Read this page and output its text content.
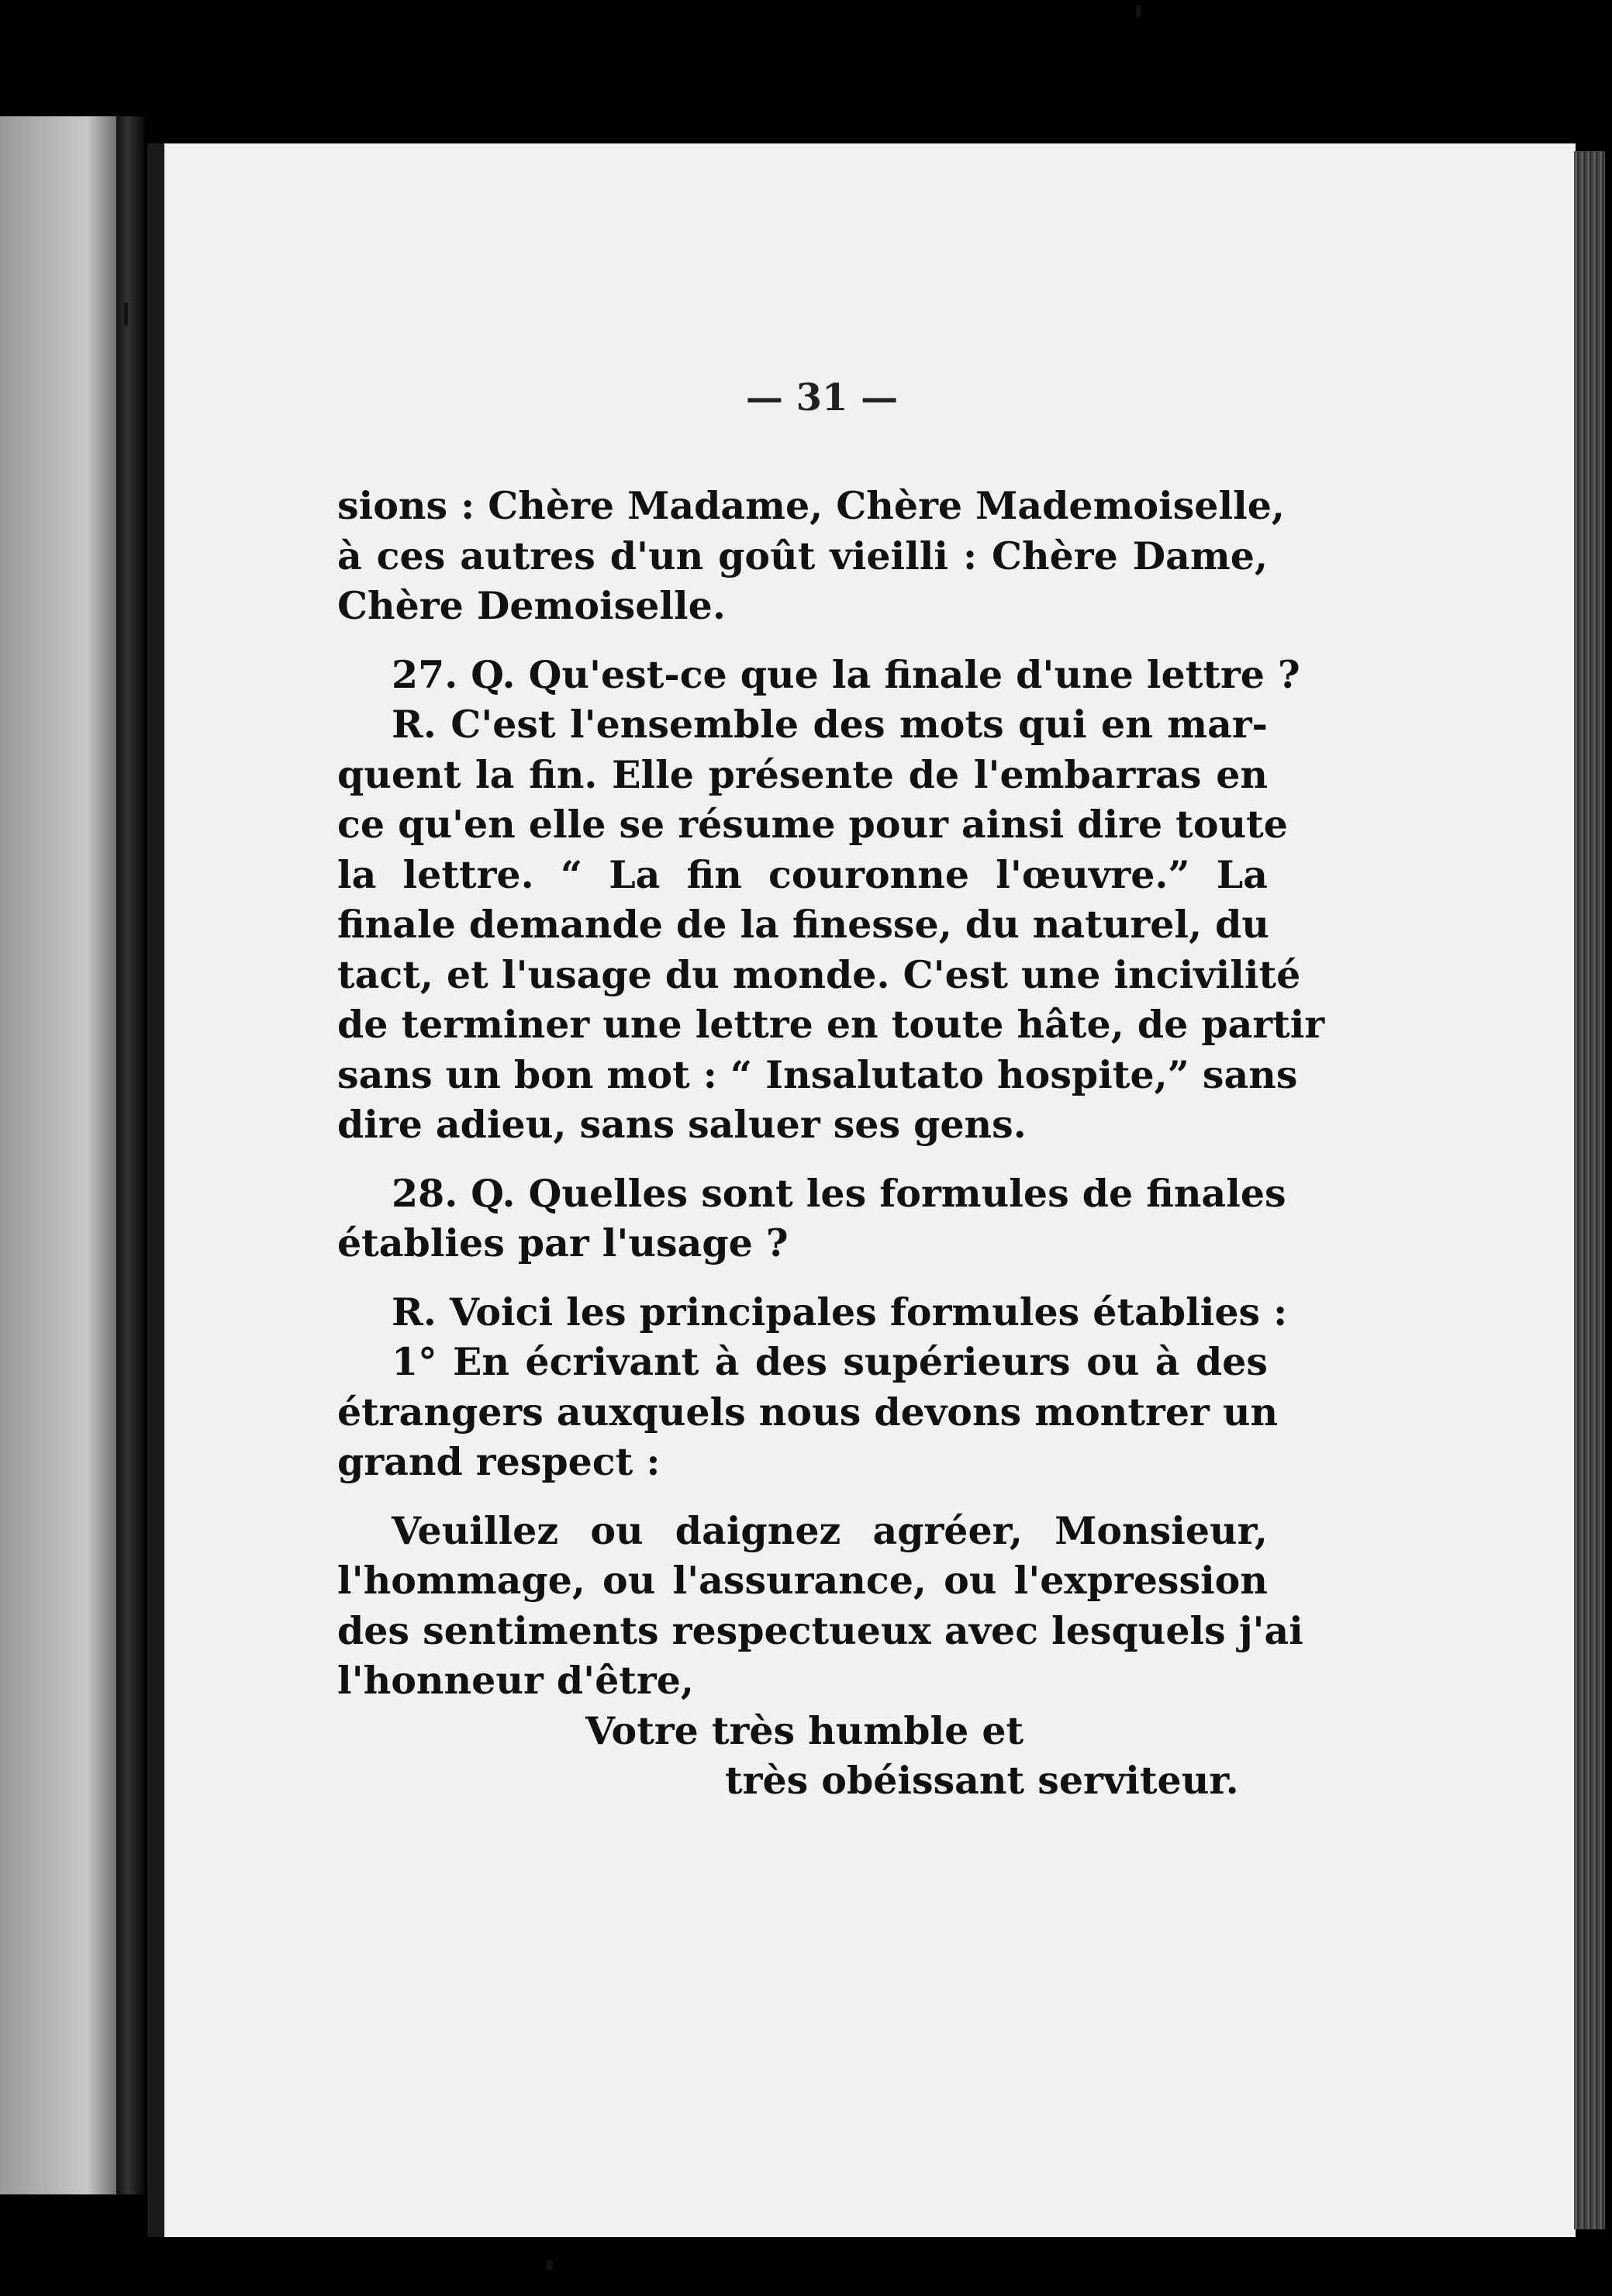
— 31 —
sions : Chère Madame, Chère Mademoiselle,
à ces autres d'un goût vieilli : Chère Dame,
Chère Demoiselle.
27. Q. Qu'est-ce que la finale d'une lettre ?
R. C'est l'ensemble des mots qui en mar-
quent la fin. Elle présente de l'embarras en
ce qu'en elle se résume pour ainsi dire toute
la lettre. “ La fin couronne l'œuvre.” La
finale demande de la finesse, du naturel, du
tact, et l'usage du monde. C'est une incivilité
de terminer une lettre en toute hâte, de partir
sans un bon mot : “ Insalutato hospite,” sans
dire adieu, sans saluer ses gens.
28. Q. Quelles sont les formules de finales
établies par l'usage ?
R. Voici les principales formules établies :
1° En écrivant à des supérieurs ou à des
étrangers auxquels nous devons montrer un
grand respect :
Veuillez ou daignez agréer, Monsieur,
l'hommage, ou l'assurance, ou l'expression
des sentiments respectueux avec lesquels j'ai
l'honneur d'être,
Votre très humble et
très obéissant serviteur.
